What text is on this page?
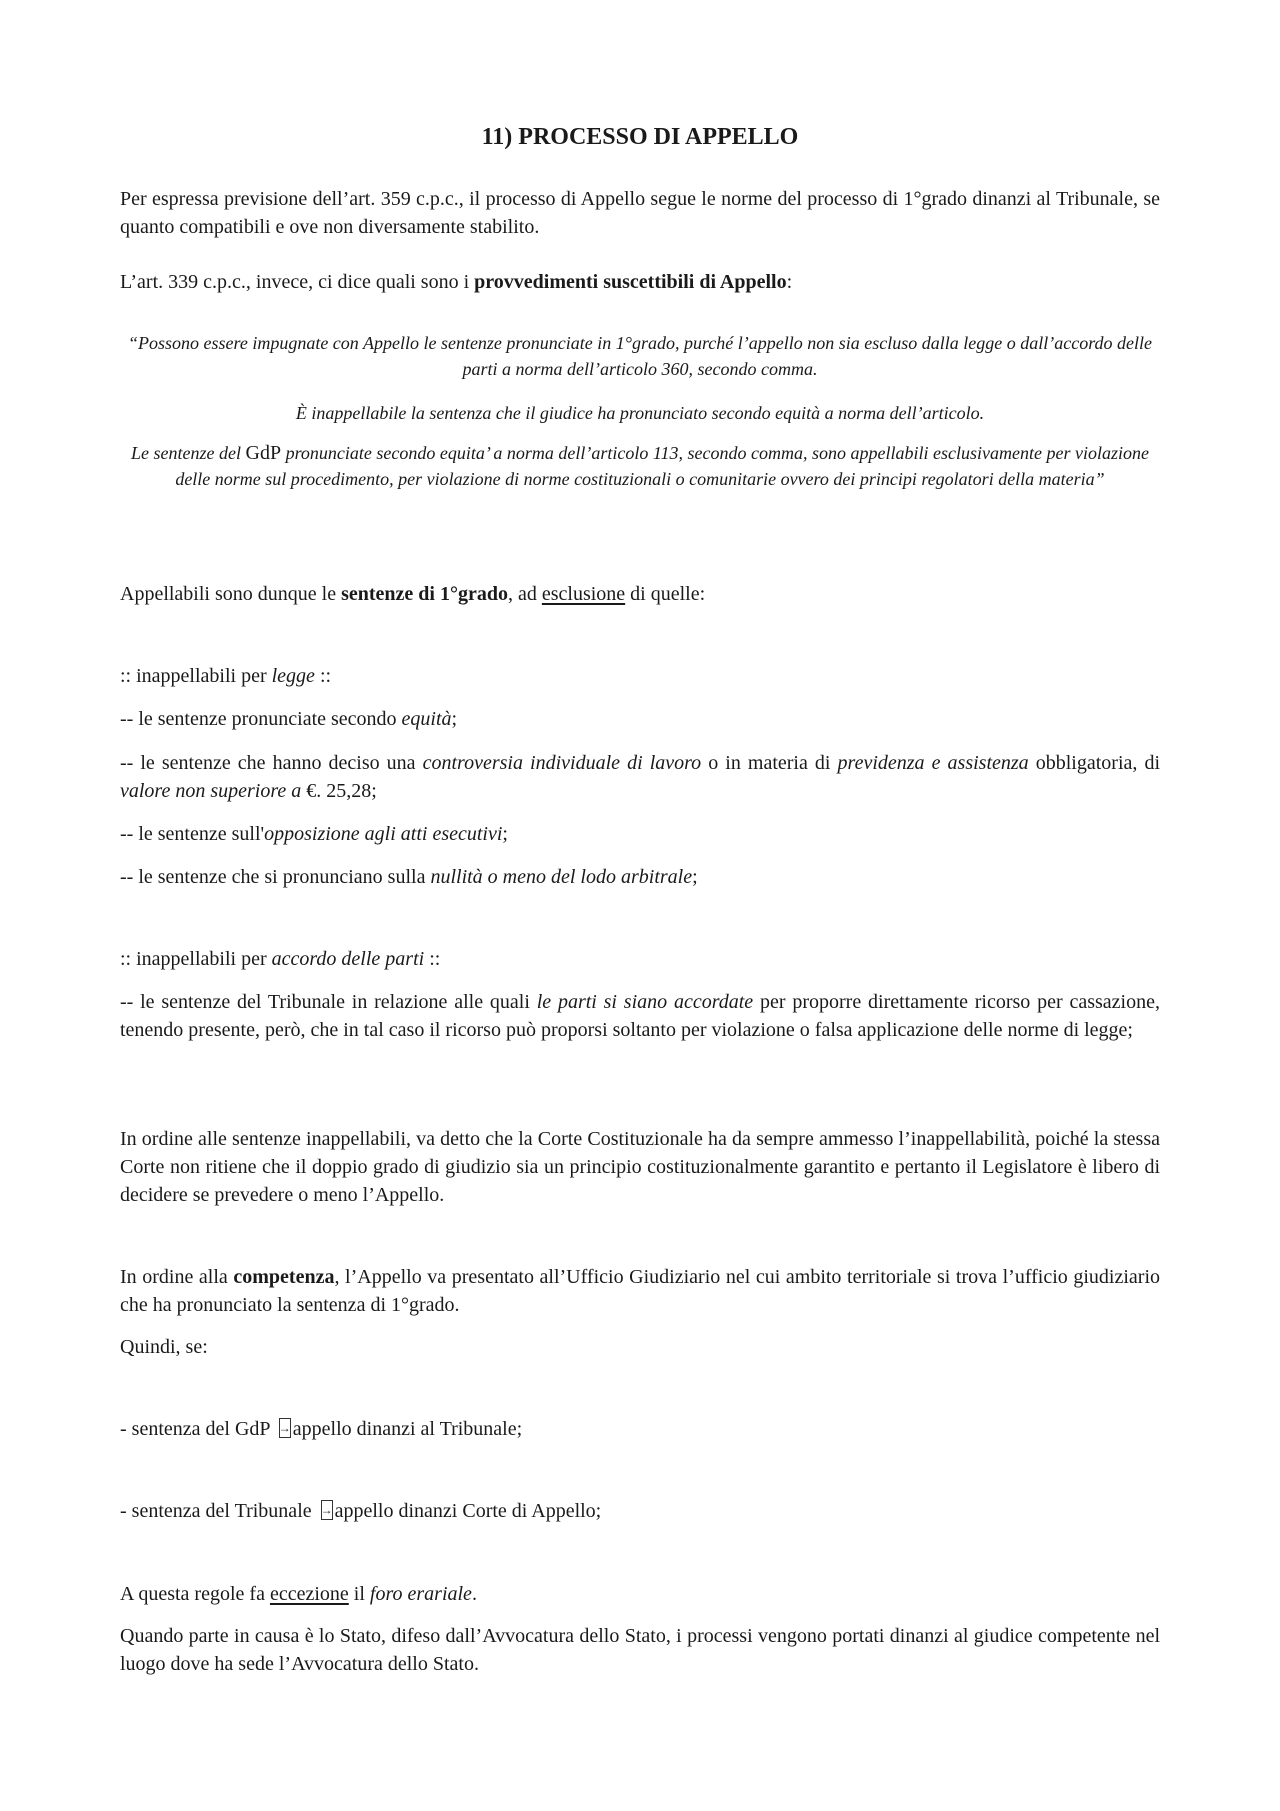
11) PROCESSO DI APPELLO

Per espressa previsione dell’art. 359 c.p.c., il processo di Appello segue le norme del processo di 1°grado dinanzi al Tribunale, se quanto compatibili e ove non diversamente stabilito.

L’art. 339 c.p.c., invece, ci dice quali sono i provvedimenti suscettibili di Appello:

“Possono essere impugnate con Appello le sentenze pronunciate in 1°grado, purché l’appello non sia escluso dalla legge o dall’accordo delle parti a norma dell’articolo 360, secondo comma.

È inappellabile la sentenza che il giudice ha pronunciato secondo equità a norma dell’articolo.

Le sentenze del GdP pronunciate secondo equita’ a norma dell’articolo 113, secondo comma, sono appellabili esclusivamente per violazione delle norme sul procedimento, per violazione di norme costituzionali o comunitarie ovvero dei principi regolatori della materia”

Appellabili sono dunque le sentenze di 1°grado, ad esclusione di quelle:

:: inappellabili per legge ::

-- le sentenze pronunciate secondo equità;

-- le sentenze che hanno deciso una controversia individuale di lavoro o in materia di previdenza e assistenza obbligatoria, di valore non superiore a €. 25,28;

-- le sentenze sull'opposizione agli atti esecutivi;

-- le sentenze che si pronunciano sulla nullità o meno del lodo arbitrale;

:: inappellabili per accordo delle parti ::

-- le sentenze del Tribunale in relazione alle quali le parti si siano accordate per proporre direttamente ricorso per cassazione, tenendo presente, però, che in tal caso il ricorso può proporsi soltanto per violazione o falsa applicazione delle norme di legge;

In ordine alle sentenze inappellabili, va detto che la Corte Costituzionale ha da sempre ammesso l’inappellabilità, poiché la stessa Corte non ritiene che il doppio grado di giudizio sia un principio costituzionalmente garantito e pertanto il Legislatore è libero di decidere se prevedere o meno l’Appello.

In ordine alla competenza, l’Appello va presentato all’Ufficio Giudiziario nel cui ambito territoriale si trova l’ufficio giudiziario che ha pronunciato la sentenza di 1°grado.

Quindi, se:

- sentenza del GdP →appello dinanzi al Tribunale;

- sentenza del Tribunale →appello dinanzi Corte di Appello;

A questa regole fa eccezione il foro erariale.

Quando parte in causa è lo Stato, difeso dall’Avvocatura dello Stato, i processi vengono portati dinanzi al giudice competente nel luogo dove ha sede l’Avvocatura dello Stato.
